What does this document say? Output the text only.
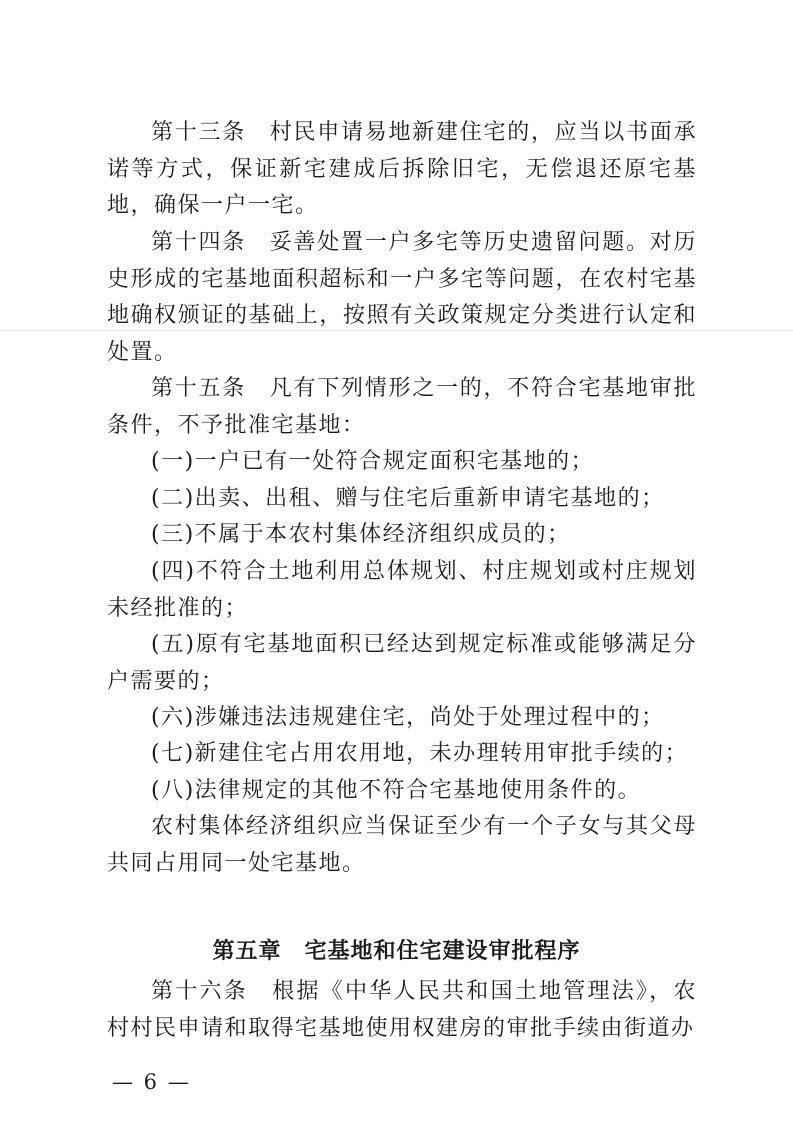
第十三条　村民申请易地新建住宅的，应当以书面承诺等方式，保证新宅建成后拆除旧宅，无偿退还原宅基地，确保一户一宅。

第十四条　妥善处置一户多宅等历史遗留问题。对历史形成的宅基地面积超标和一户多宅等问题，在农村宅基地确权颁证的基础上，按照有关政策规定分类进行认定和处置。

第十五条　凡有下列情形之一的，不符合宅基地审批条件，不予批准宅基地：

(一)一户已有一处符合规定面积宅基地的；

(二)出卖、出租、赠与住宅后重新申请宅基地的；

(三)不属于本农村集体经济组织成员的；

(四)不符合土地利用总体规划、村庄规划或村庄规划未经批准的；

(五)原有宅基地面积已经达到规定标准或能够满足分户需要的；

(六)涉嫌违法违规建住宅，尚处于处理过程中的；

(七)新建住宅占用农用地，未办理转用审批手续的；

(八)法律规定的其他不符合宅基地使用条件的。

农村集体经济组织应当保证至少有一个子女与其父母共同占用同一处宅基地。

第五章　宅基地和住宅建设审批程序

第十六条　根据《中华人民共和国土地管理法》，农村村民申请和取得宅基地使用权建房的审批手续由街道办

— 6 —
